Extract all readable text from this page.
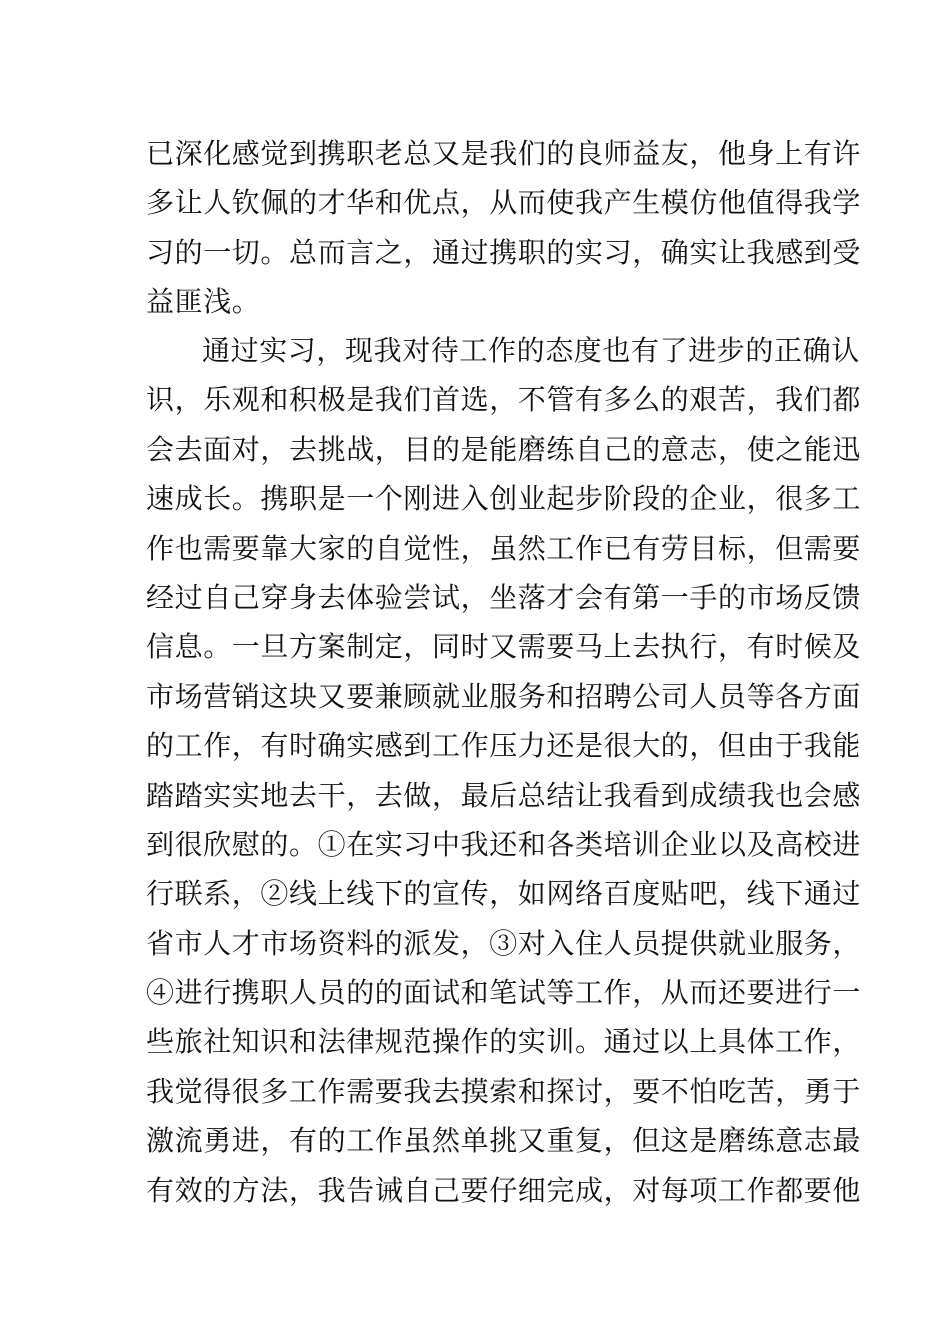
已深化感觉到携职老总又是我们的良师益友，他身上有许
多让人钦佩的才华和优点，从而使我产生模仿他值得我学
习的一切。总而言之，通过携职的实习，确实让我感到受
益匪浅。
通过实习，现我对待工作的态度也有了进步的正确认
识，乐观和积极是我们首选，不管有多么的艰苦，我们都
会去面对，去挑战，目的是能磨练自己的意志，使之能迅
速成长。携职是一个刚进入创业起步阶段的企业，很多工
作也需要靠大家的自觉性，虽然工作已有劳目标，但需要
经过自己穿身去体验尝试，坐落才会有第一手的市场反馈
信息。一旦方案制定，同时又需要马上去执行，有时候及
市场营销这块又要兼顾就业服务和招聘公司人员等各方面
的工作，有时确实感到工作压力还是很大的，但由于我能
踏踏实实地去干，去做，最后总结让我看到成绩我也会感
到很欣慰的。①在实习中我还和各类培训企业以及高校进
行联系，②线上线下的宣传，如网络百度贴吧，线下通过
省市人才市场资料的派发，③对入住人员提供就业服务，
④进行携职人员的的面试和笔试等工作，从而还要进行一
些旅社知识和法律规范操作的实训。通过以上具体工作，
我觉得很多工作需要我去摸索和探讨，要不怕吃苦，勇于
激流勇进，有的工作虽然单挑又重复，但这是磨练意志最
有效的方法，我告诫自己要仔细完成，对每项工作都要他
